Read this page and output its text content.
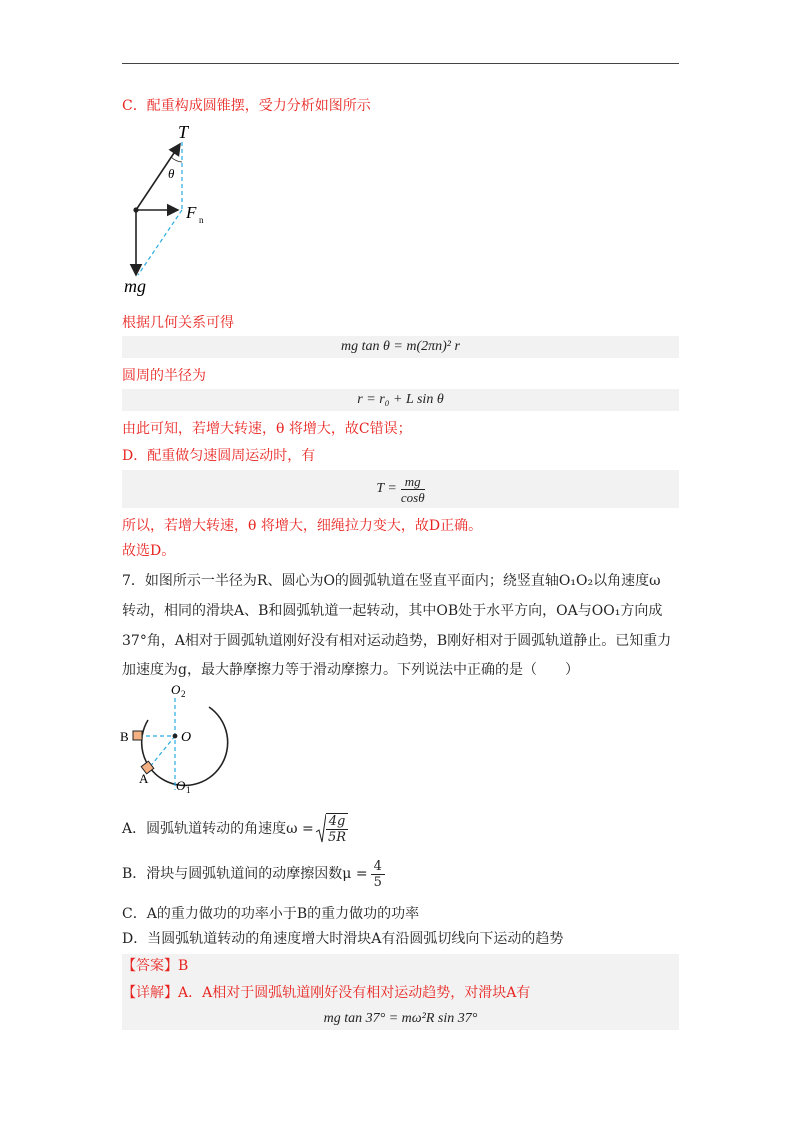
C．配重构成圆锥摆，受力分析如图所示
T
θ
F n
mg
根据几何关系可得
mg tan θ = m(2πn)² r
圆周的半径为
r = r₀ + L sin θ
由此可知，若增大转速，θ 将增大，故C错误；
D．配重做匀速圆周运动时，有
$T = \frac{mg}{\cos\theta}$
所以，若增大转速，θ 将增大，细绳拉力变大，故D正确。
故选D。
7．如图所示一半径为R、圆心为O的圆弧轨道在竖直平面内；绕竖直轴O₁O₂以角速度ω
转动，相同的滑块A、B和圆弧轨道一起转动，其中OB处于水平方向，OA与OO₁方向成
37°角，A相对于圆弧轨道刚好没有相对运动趋势，B刚好相对于圆弧轨道静止。已知重力
加速度为g，最大静摩擦力等于滑动摩擦力。下列说法中正确的是（　　）
O 2
O
B
A O 1
A．圆弧轨道转动的角速度$\omega = \frac{4g}{5R}$
B．滑块与圆弧轨道间的动摩擦因数$\mu = \frac{4}{5}$
C．A的重力做功的功率小于B的重力做功的功率
D．当圆弧轨道转动的角速度增大时滑块A有沿圆弧切线向下运动的趋势
【答案】B
【详解】A．A相对于圆弧轨道刚好没有相对运动趋势，对滑块A有
mg tan 37° = mω²R sin 37°
